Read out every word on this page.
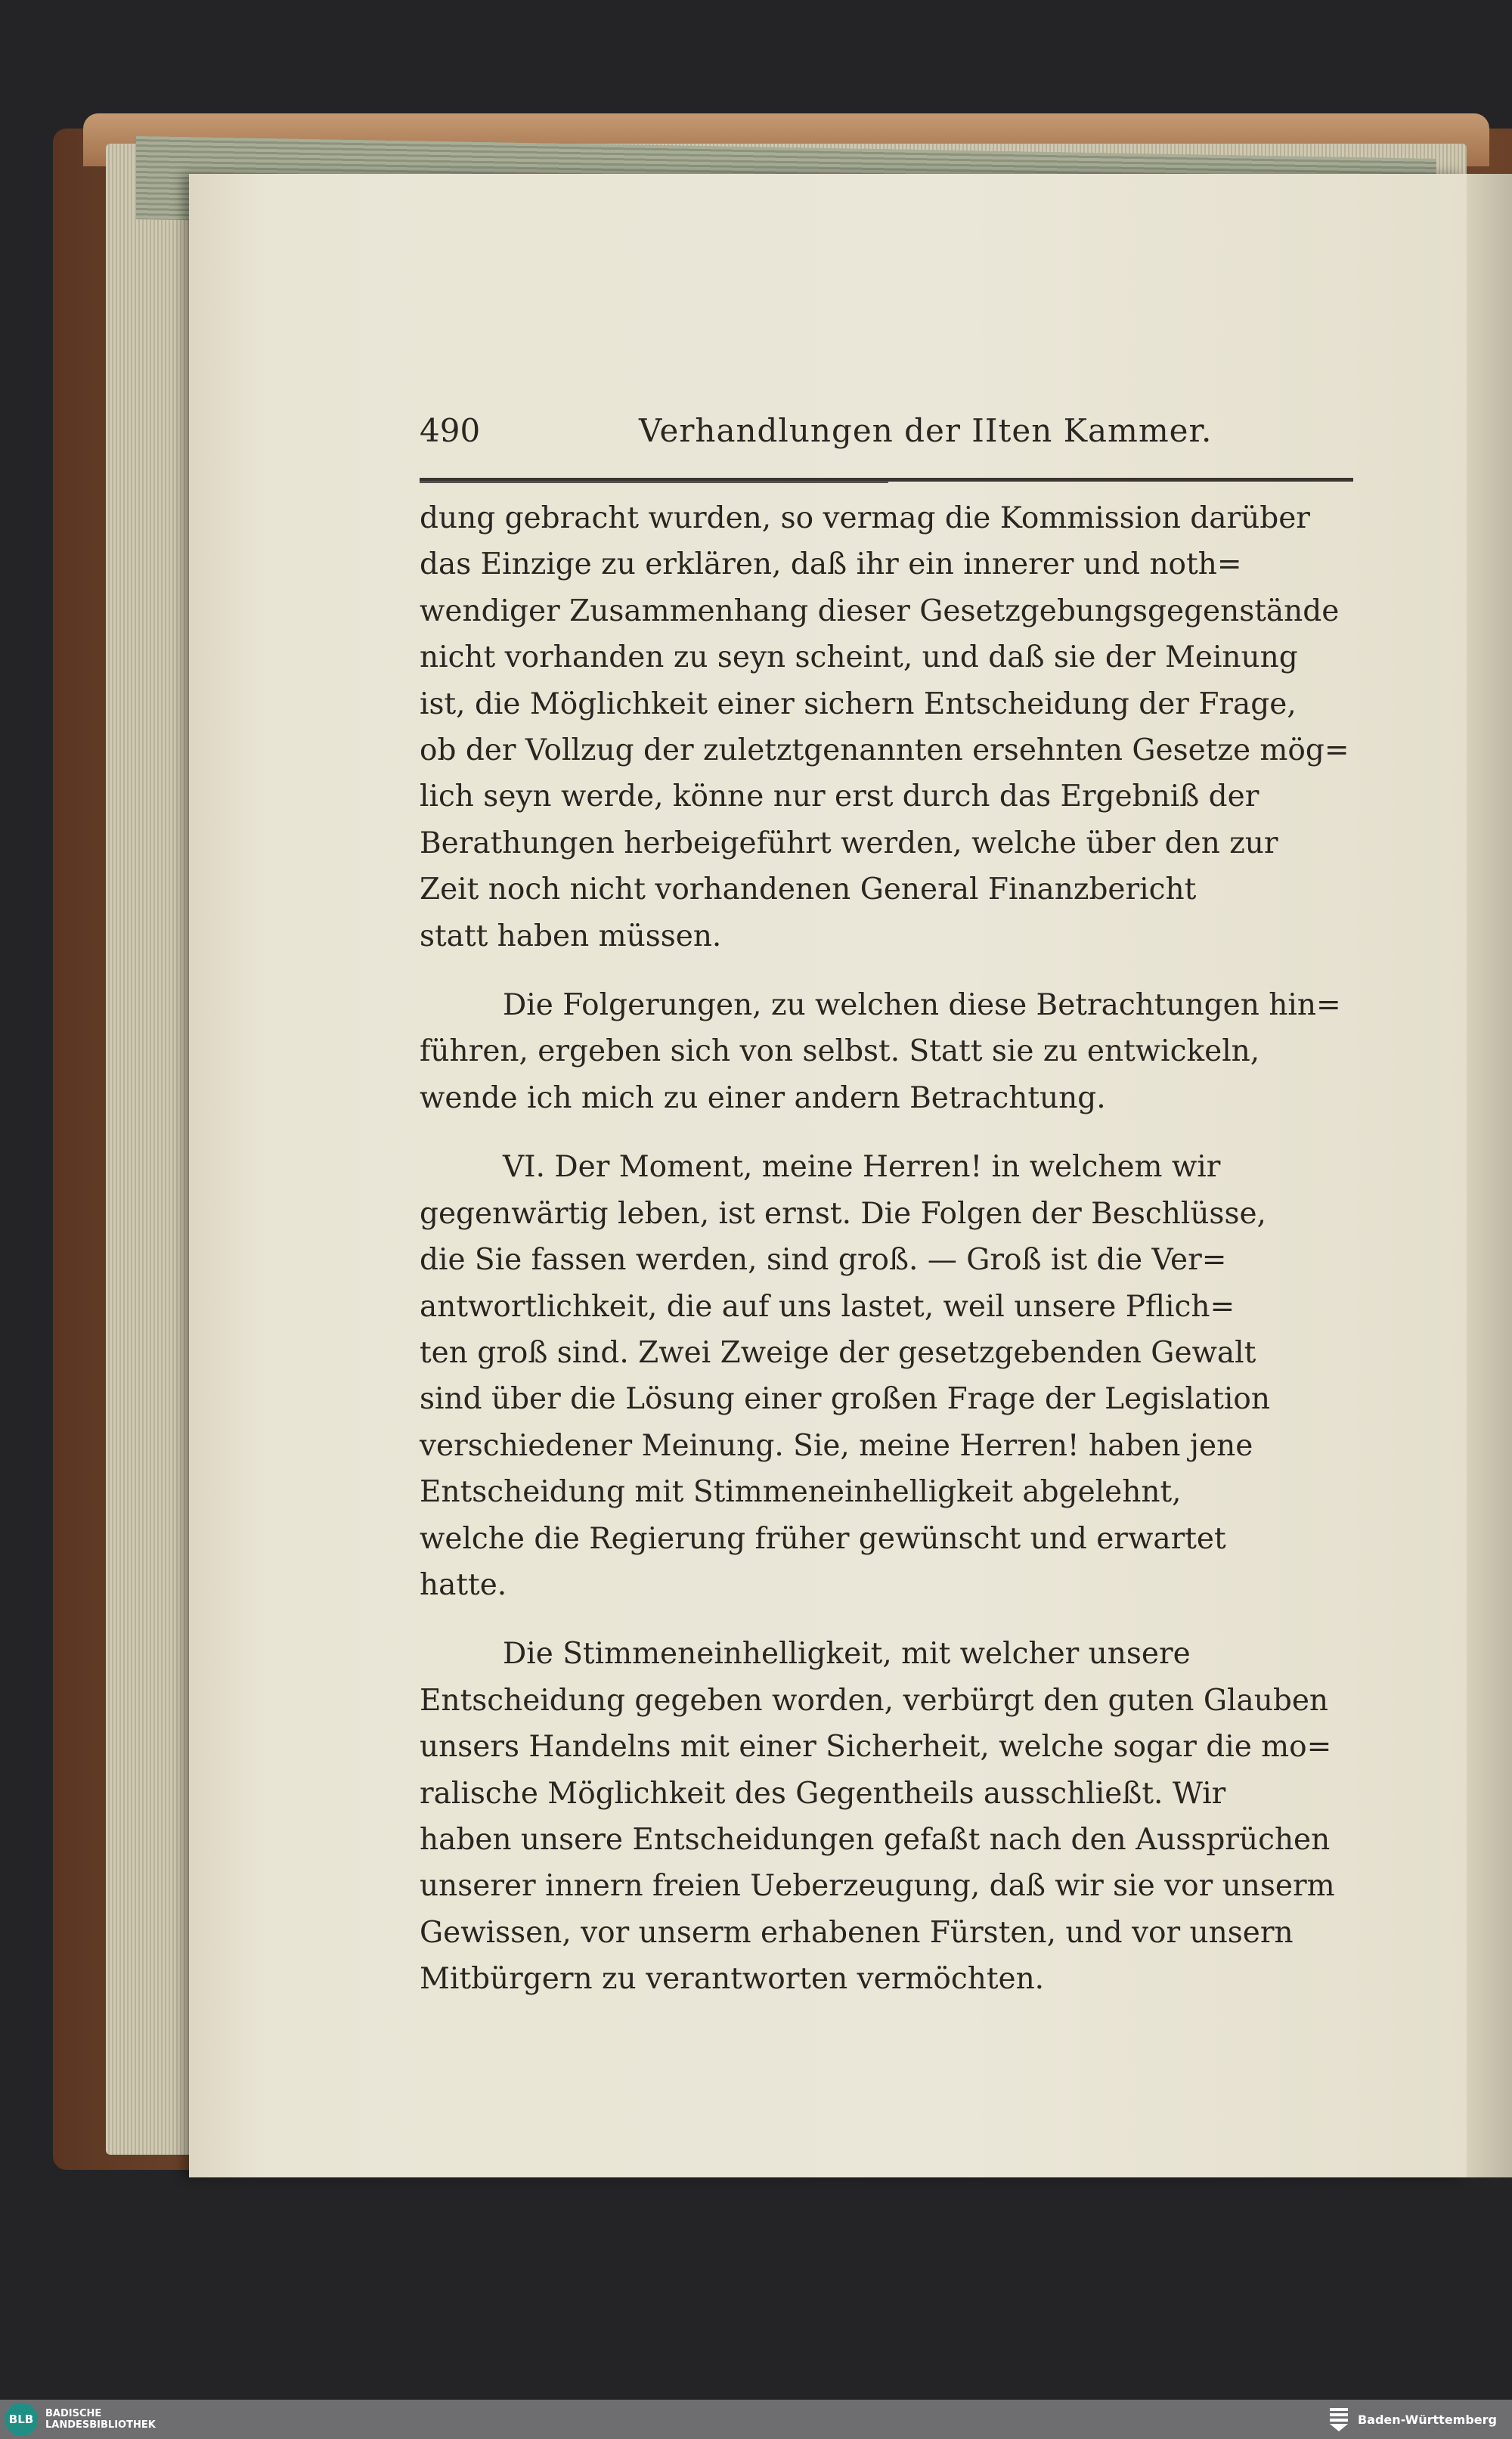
490	Verhandlungen der IIten Kammer.
dung gebracht wurden, so vermag die Kommission darüber
das Einzige zu erklären, daß ihr ein innerer und noth=
wendiger Zusammenhang dieser Gesetzgebungsgegenstände
nicht vorhanden zu seyn scheint, und daß sie der Meinung
ist, die Möglichkeit einer sichern Entscheidung der Frage,
ob der Vollzug der zuletztgenannten ersehnten Gesetze mög=
lich seyn werde, könne nur erst durch das Ergebniß der
Berathungen herbeigeführt werden, welche über den zur
Zeit noch nicht vorhandenen General Finanzbericht
statt haben müssen.
Die Folgerungen, zu welchen diese Betrachtungen hin=
führen, ergeben sich von selbst. Statt sie zu entwickeln,
wende ich mich zu einer andern Betrachtung.
VI. Der Moment, meine Herren! in welchem wir
gegenwärtig leben, ist ernst. Die Folgen der Beschlüsse,
die Sie fassen werden, sind groß. — Groß ist die Ver=
antwortlichkeit, die auf uns lastet, weil unsere Pflich=
ten groß sind. Zwei Zweige der gesetzgebenden Gewalt
sind über die Lösung einer großen Frage der Legislation
verschiedener Meinung. Sie, meine Herren! haben jene
Entscheidung mit Stimmeneinhelligkeit abgelehnt,
welche die Regierung früher gewünscht und erwartet
hatte.
Die Stimmeneinhelligkeit, mit welcher unsere
Entscheidung gegeben worden, verbürgt den guten Glauben
unsers Handelns mit einer Sicherheit, welche sogar die mo=
ralische Möglichkeit des Gegentheils ausschließt. Wir
haben unsere Entscheidungen gefaßt nach den Aussprüchen
unserer innern freien Ueberzeugung, daß wir sie vor unserm
Gewissen, vor unserm erhabenen Fürsten, und vor unsern
Mitbürgern zu verantworten vermöchten.
BLB	BADISCHE
LANDESBIBLIOTHEK	Baden-Württemberg
